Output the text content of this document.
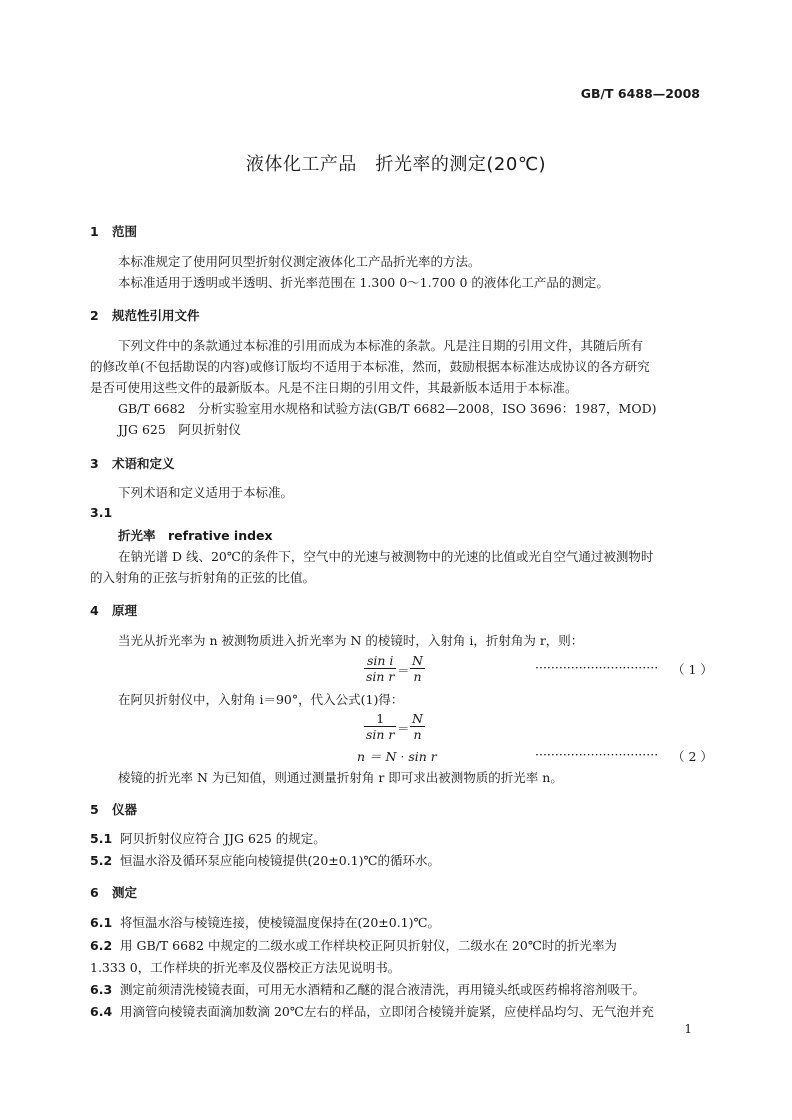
GB/T 6488—2008
液体化工产品　折光率的测定(20℃)
1 范围
本标准规定了使用阿贝型折射仪测定液体化工产品折光率的方法。
本标准适用于透明或半透明、折光率范围在 1.300 0～1.700 0 的液体化工产品的测定。
2 规范性引用文件
下列文件中的条款通过本标准的引用而成为本标准的条款。凡是注日期的引用文件，其随后所有
的修改单(不包括勘误的内容)或修订版均不适用于本标准，然而，鼓励根据本标准达成协议的各方研究
是否可使用这些文件的最新版本。凡是不注日期的引用文件，其最新版本适用于本标准。
GB/T 6682　分析实验室用水规格和试验方法(GB/T 6682—2008，ISO 3696：1987，MOD)
JJG 625　阿贝折射仪
3 术语和定义
下列术语和定义适用于本标准。
3.1
折光率　refrative index
在钠光谱 D 线、20℃的条件下，空气中的光速与被测物中的光速的比值或光自空气通过被测物时
的入射角的正弦与折射角的正弦的比值。
4 原理
当光从折光率为 n 被测物质进入折光率为 N 的棱镜时，入射角 i，折射角为 r，则：
$\frac{\text{sin i}}{\text{sin r}} = \frac{N}{n}$	······························· （ 1 ）
在阿贝折射仪中，入射角 i＝90°，代入公式(1)得：
$\frac{1}{\text{sin r}} = \frac{N}{n}$
n ＝ N · sin r	······························· （ 2 ）
棱镜的折光率 N 为已知值，则通过测量折射角 r 即可求出被测物质的折光率 n。
5 仪器
5.1 阿贝折射仪应符合 JJG 625 的规定。
5.2 恒温水浴及循环泵应能向棱镜提供(20±0.1)℃的循环水。
6 测定
6.1 将恒温水浴与棱镜连接，使棱镜温度保持在(20±0.1)℃。
6.2 用 GB/T 6682 中规定的二级水或工作样块校正阿贝折射仪，二级水在 20℃时的折光率为
1.333 0，工作样块的折光率及仪器校正方法见说明书。
6.3 测定前须清洗棱镜表面，可用无水酒精和乙醚的混合液清洗，再用镜头纸或医药棉将溶剂吸干。
6.4 用滴管向棱镜表面滴加数滴 20℃左右的样品，立即闭合棱镜并旋紧，应使样品均匀、无气泡并充
1
